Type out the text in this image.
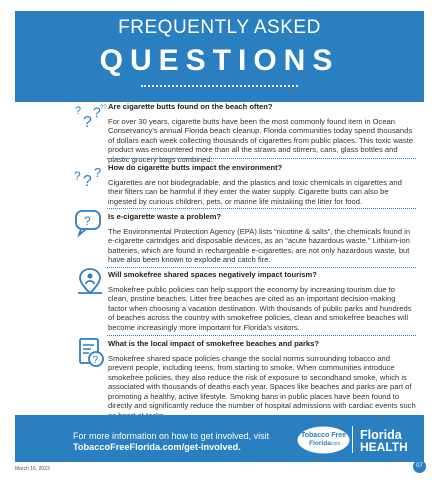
FREQUENTLY ASKED
QUESTIONS
?
?
? ?? Are cigarette butts found on the beach often?

For over 30 years, cigarette butts have been the most commonly found item in Ocean Conservancy's annual Florida beach cleanup. Florida communities today spend thousands of dollars each week collecting thousands of cigarettes from public places. This toxic waste product was encountered more than all the straws and stirrers, cans, glass bottles and plastic grocery bags combined.

? ?
? How do cigarette butts impact the environment?

Cigarettes are not biodegradable, and the plastics and toxic chemicals in cigarettes and their filters can be harmful if they enter the water supply. Cigarette butts can also be ingested by curious children, pets, or marine life mistaking the litter for food.

? Is e-cigarette waste a problem?

The Environmental Protection Agency (EPA) lists “nicotine & salts”, the chemicals found in e-cigarette cartridges and disposable devices, as an “acute hazardous waste.” Lithium-ion batteries, which are found in rechargeable e-cigarettes, are not only hazardous waste, but have also been known to explode and catch fire.

Will smokefree shared spaces negatively impact tourism?

Smokefree public policies can help support the economy by increasing tourism due to clean, pristine beaches. Litter free beaches are cited as an important decision-making factor when choosing a vacation destination. With thousands of public parks and hundreds of beaches across the country with smokefree policies, clean and smokefree beaches will become increasingly more important for Florida's visitors.

?

What is the local impact of smokefree beaches and parks?

Smokefree shared space policies change the social norms surrounding tobacco and prevent people, including teens, from starting to smoke. When communities introduce smokefree policies, they also reduce the risk of exposure to secondhand smoke, which is associated with thousands of deaths each year. Spaces like beaches and parks are part of promoting a healthy, active lifestyle. Smoking bans in public places have been found to directly and significantly reduce the number of hospital admissions with cardiac events such

For more information on how to get involved, visit
TobaccoFreeFlorida.com/get-involved.
Tobacco Free
Florida
.com
Florida
HEALTH
March 16, 2023	07
